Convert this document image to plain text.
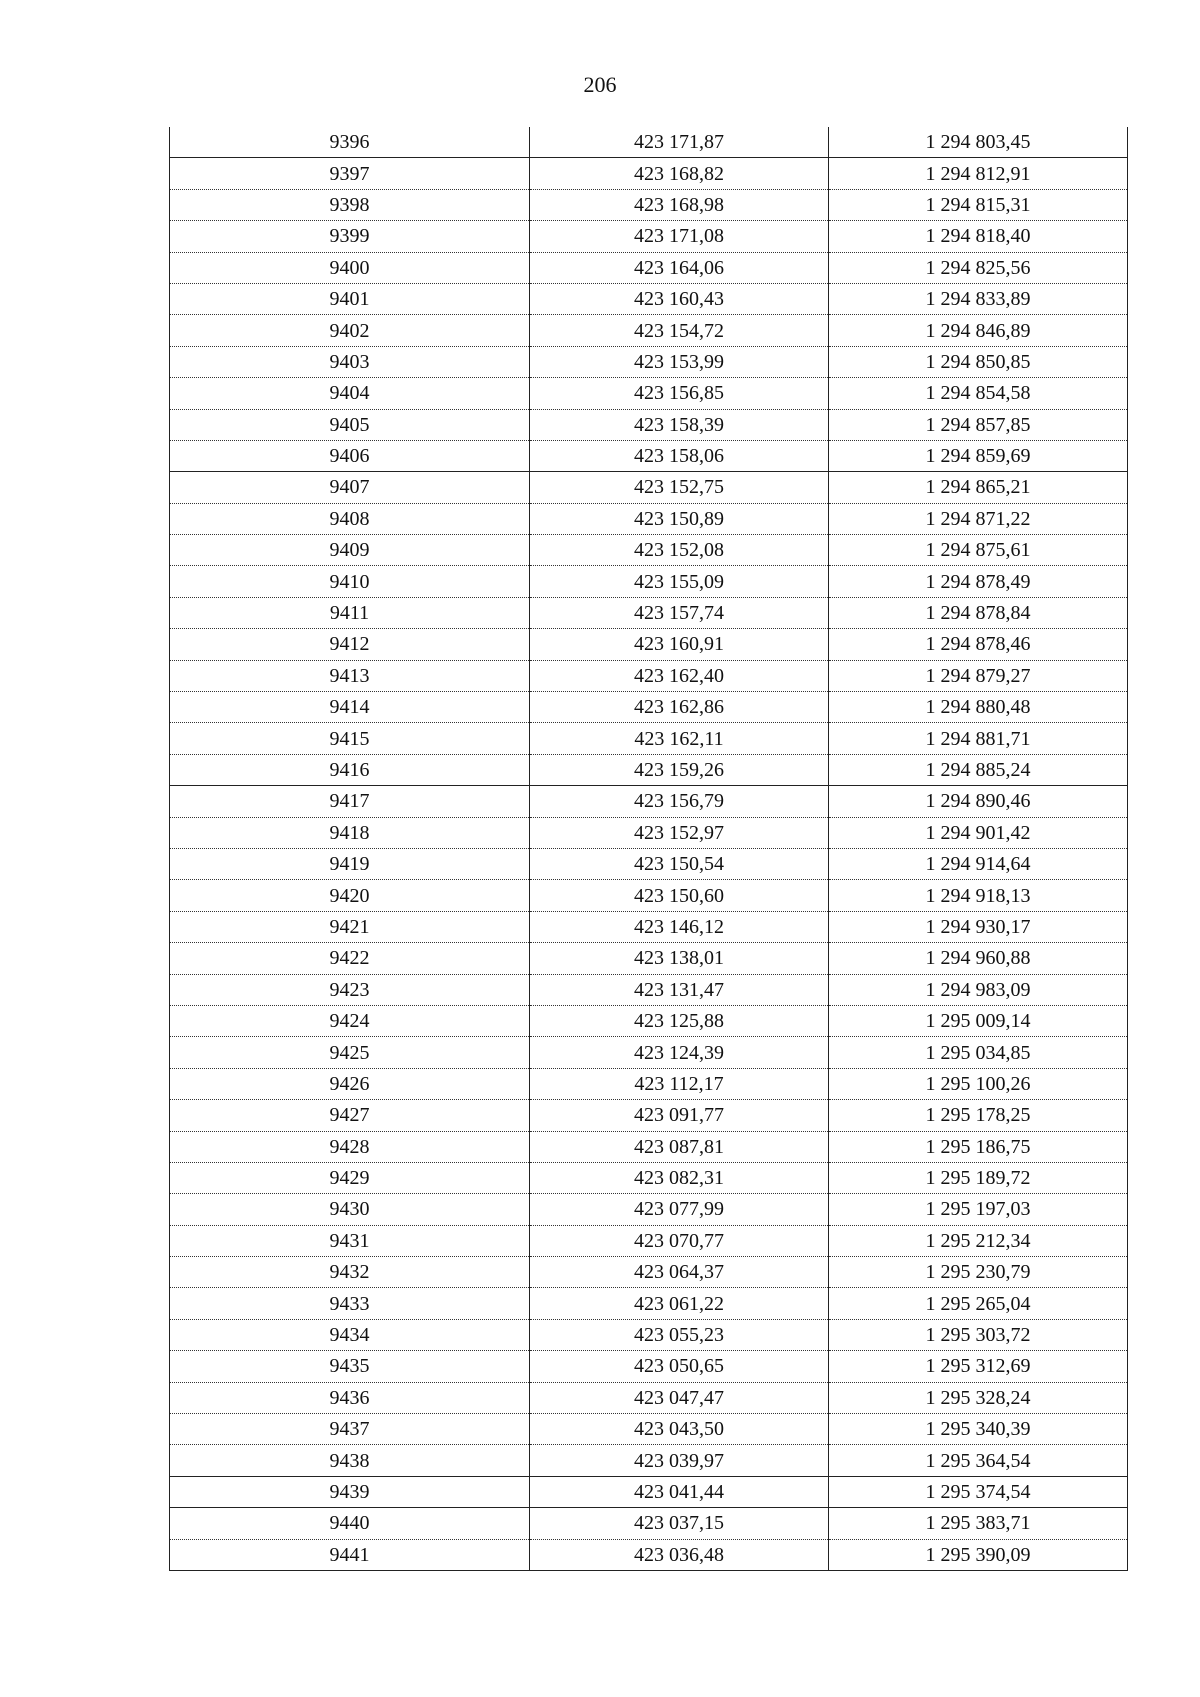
206
9396	423 171,87	1 294 803,45
9397	423 168,82	1 294 812,91
9398	423 168,98	1 294 815,31
9399	423 171,08	1 294 818,40
9400	423 164,06	1 294 825,56
9401	423 160,43	1 294 833,89
9402	423 154,72	1 294 846,89
9403	423 153,99	1 294 850,85
9404	423 156,85	1 294 854,58
9405	423 158,39	1 294 857,85
9406	423 158,06	1 294 859,69
9407	423 152,75	1 294 865,21
9408	423 150,89	1 294 871,22
9409	423 152,08	1 294 875,61
9410	423 155,09	1 294 878,49
9411	423 157,74	1 294 878,84
9412	423 160,91	1 294 878,46
9413	423 162,40	1 294 879,27
9414	423 162,86	1 294 880,48
9415	423 162,11	1 294 881,71
9416	423 159,26	1 294 885,24
9417	423 156,79	1 294 890,46
9418	423 152,97	1 294 901,42
9419	423 150,54	1 294 914,64
9420	423 150,60	1 294 918,13
9421	423 146,12	1 294 930,17
9422	423 138,01	1 294 960,88
9423	423 131,47	1 294 983,09
9424	423 125,88	1 295 009,14
9425	423 124,39	1 295 034,85
9426	423 112,17	1 295 100,26
9427	423 091,77	1 295 178,25
9428	423 087,81	1 295 186,75
9429	423 082,31	1 295 189,72
9430	423 077,99	1 295 197,03
9431	423 070,77	1 295 212,34
9432	423 064,37	1 295 230,79
9433	423 061,22	1 295 265,04
9434	423 055,23	1 295 303,72
9435	423 050,65	1 295 312,69
9436	423 047,47	1 295 328,24
9437	423 043,50	1 295 340,39
9438	423 039,97	1 295 364,54
9439	423 041,44	1 295 374,54
9440	423 037,15	1 295 383,71
9441	423 036,48	1 295 390,09
